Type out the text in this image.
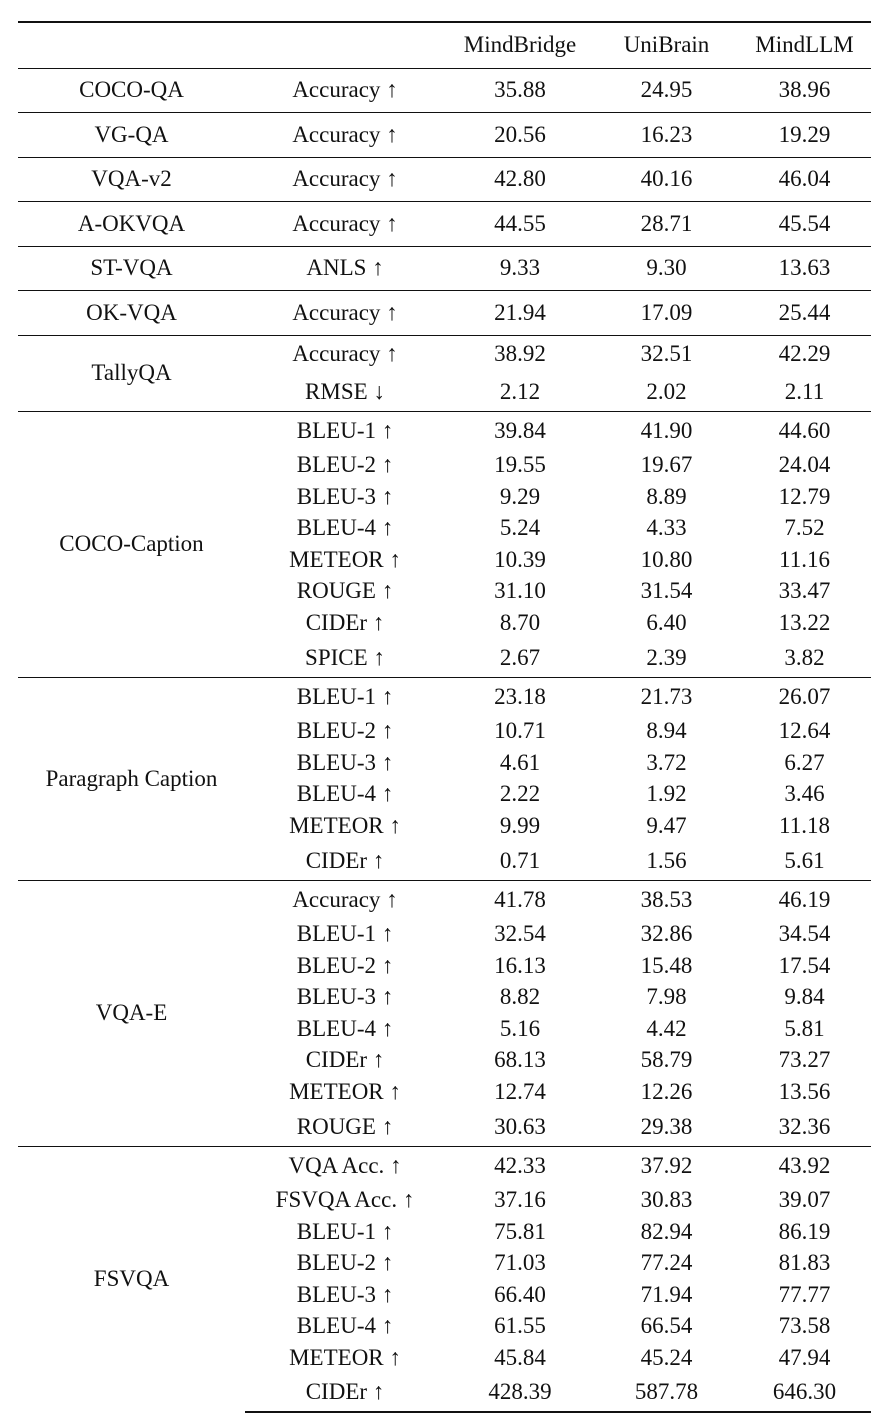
		MindBridge	UniBrain	MindLLM
COCO-QA	Accuracy ↑	35.88	24.95	38.96
VG-QA	Accuracy ↑	20.56	16.23	19.29
VQA-v2	Accuracy ↑	42.80	40.16	46.04
A-OKVQA	Accuracy ↑	44.55	28.71	45.54
ST-VQA	ANLS ↑	9.33	9.30	13.63
OK-VQA	Accuracy ↑	21.94	17.09	25.44
TallyQA	Accuracy ↑	38.92	32.51	42.29
	RMSE ↓	2.12	2.02	2.11
COCO-Caption	BLEU-1 ↑	39.84	41.90	44.60
	BLEU-2 ↑	19.55	19.67	24.04
	BLEU-3 ↑	9.29	8.89	12.79
	BLEU-4 ↑	5.24	4.33	7.52
	METEOR ↑	10.39	10.80	11.16
	ROUGE ↑	31.10	31.54	33.47
	CIDEr ↑	8.70	6.40	13.22
	SPICE ↑	2.67	2.39	3.82
Paragraph Caption	BLEU-1 ↑	23.18	21.73	26.07
	BLEU-2 ↑	10.71	8.94	12.64
	BLEU-3 ↑	4.61	3.72	6.27
	BLEU-4 ↑	2.22	1.92	3.46
	METEOR ↑	9.99	9.47	11.18
	CIDEr ↑	0.71	1.56	5.61
VQA-E	Accuracy ↑	41.78	38.53	46.19
	BLEU-1 ↑	32.54	32.86	34.54
	BLEU-2 ↑	16.13	15.48	17.54
	BLEU-3 ↑	8.82	7.98	9.84
	BLEU-4 ↑	5.16	4.42	5.81
	CIDEr ↑	68.13	58.79	73.27
	METEOR ↑	12.74	12.26	13.56
	ROUGE ↑	30.63	29.38	32.36
FSVQA	VQA Acc. ↑	42.33	37.92	43.92
	FSVQA Acc. ↑	37.16	30.83	39.07
	BLEU-1 ↑	75.81	82.94	86.19
	BLEU-2 ↑	71.03	77.24	81.83
	BLEU-3 ↑	66.40	71.94	77.77
	BLEU-4 ↑	61.55	66.54	73.58
	METEOR ↑	45.84	45.24	47.94
	CIDEr ↑	428.39	587.78	646.30
